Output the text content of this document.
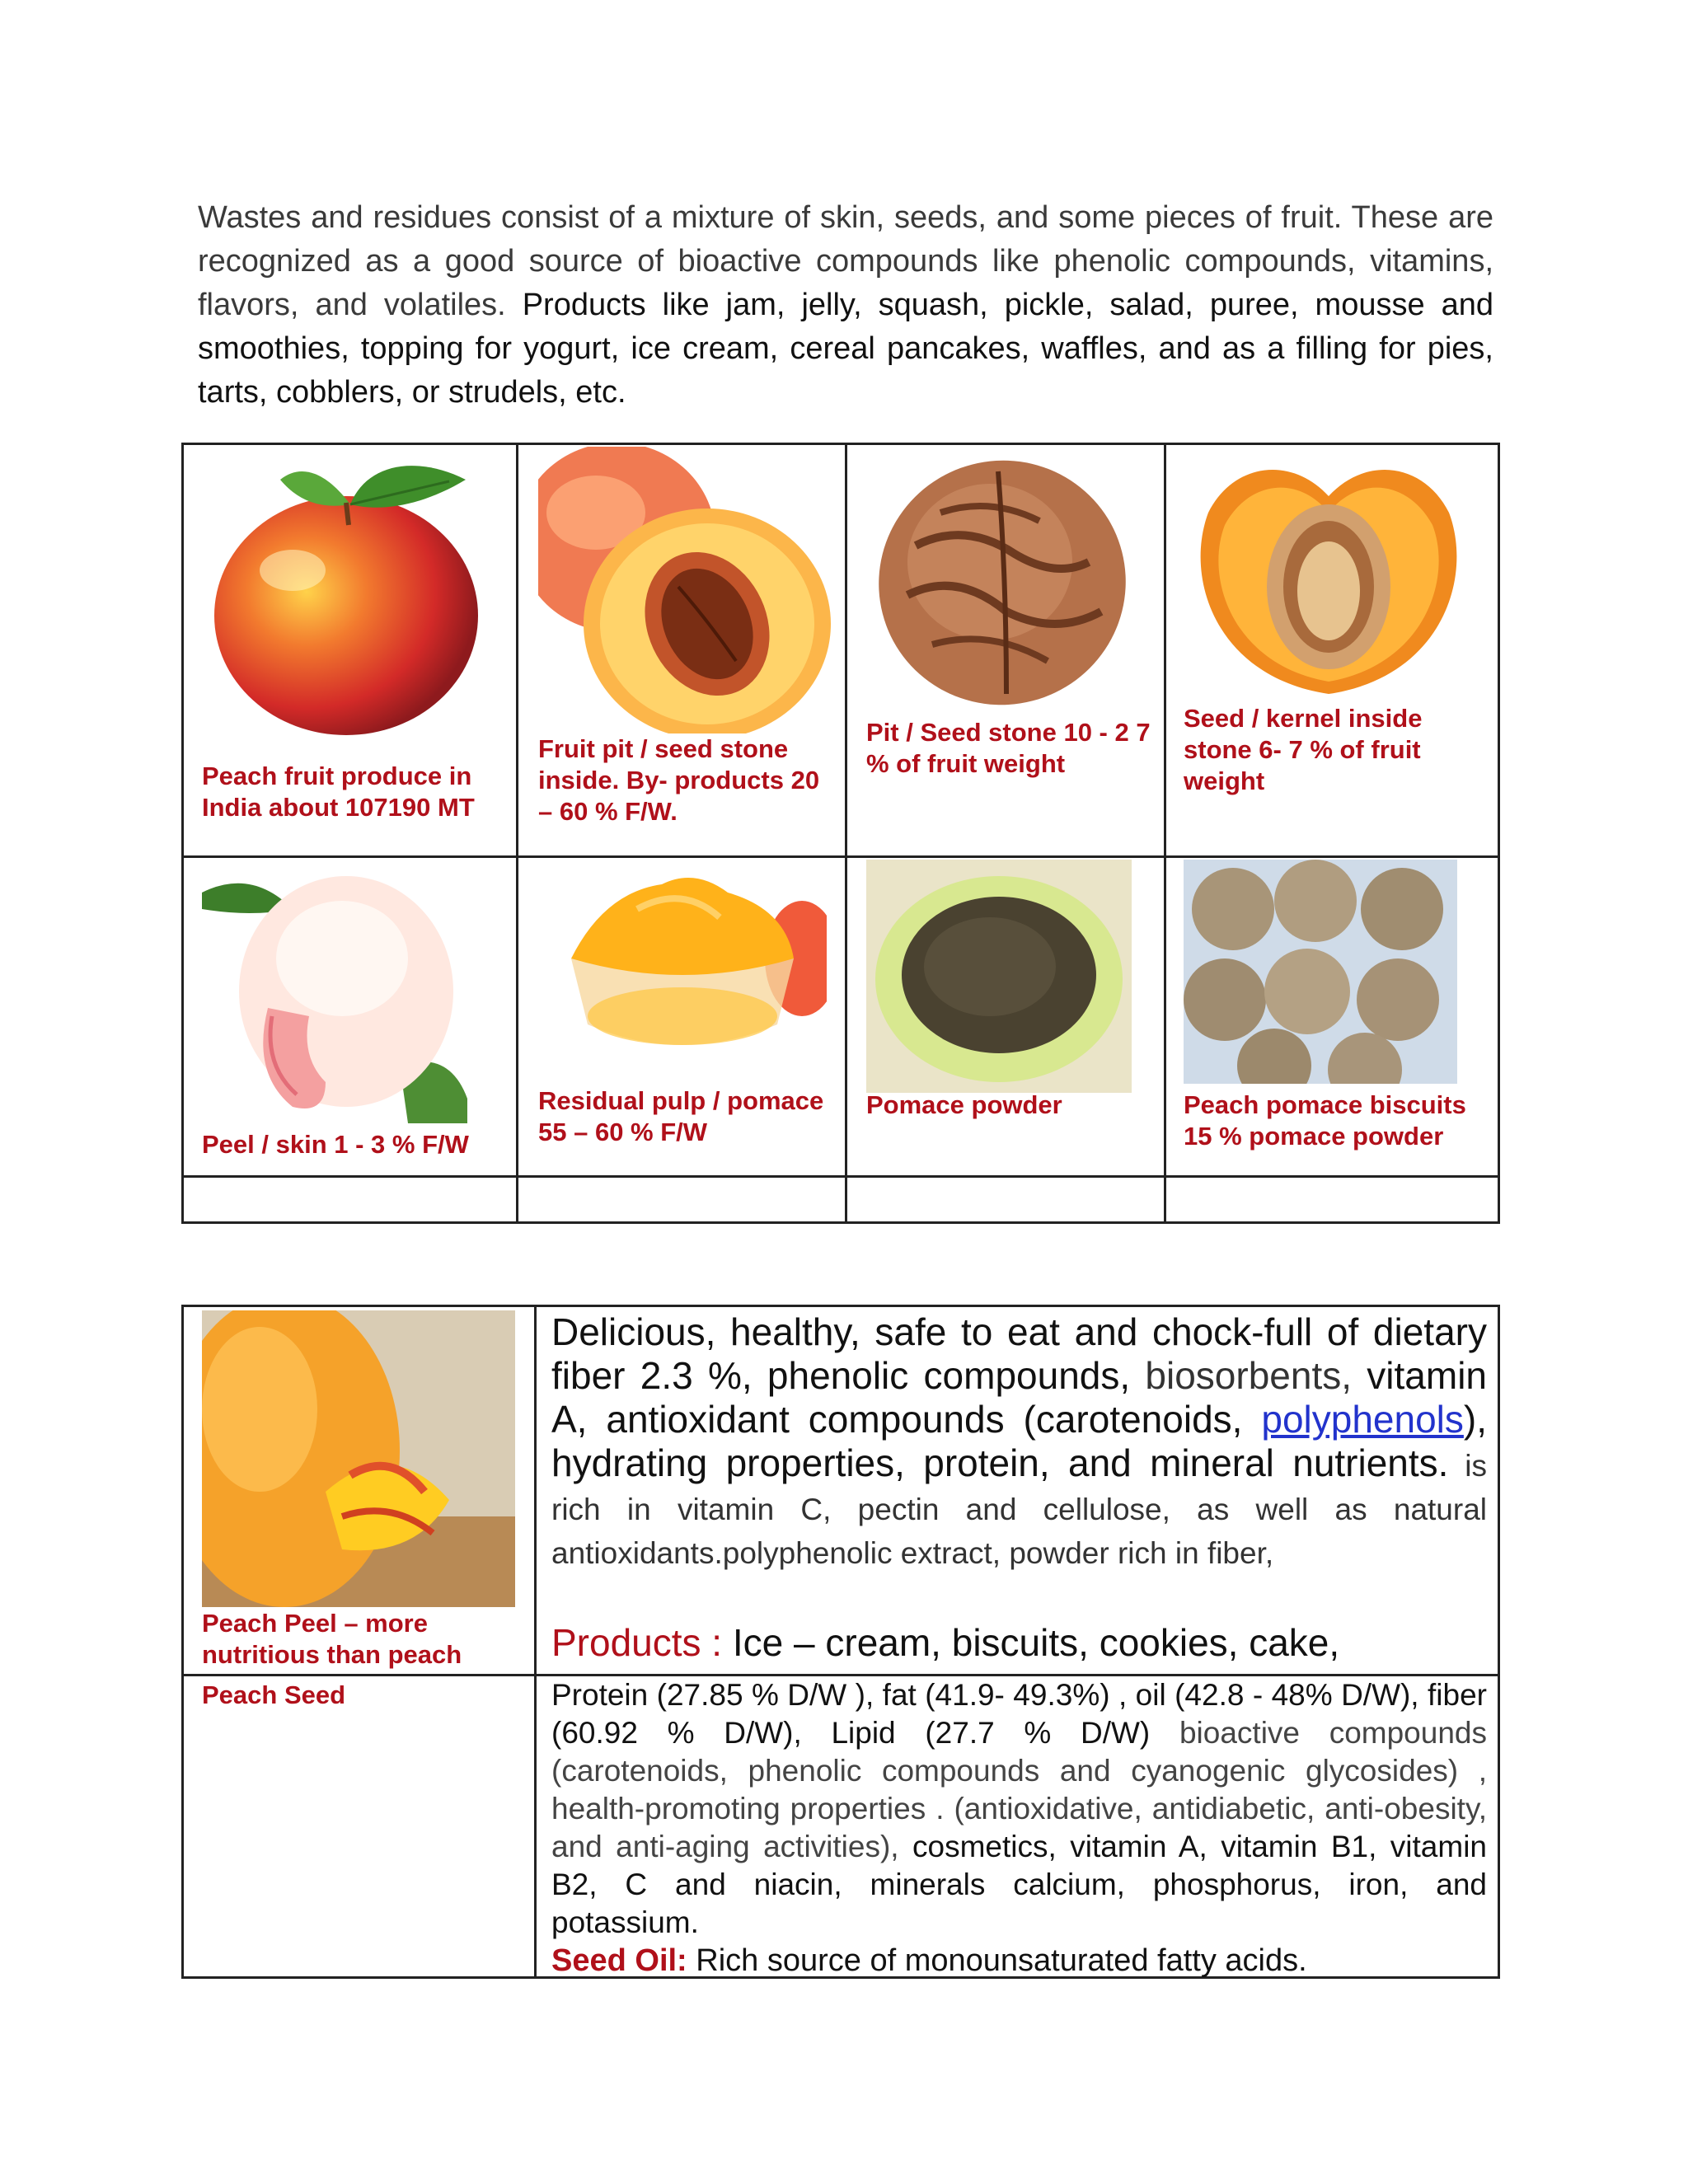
Wastes and residues consist of a mixture of skin, seeds, and some pieces of fruit. These are recognized as a good source of bioactive compounds like phenolic compounds, vitamins, flavors, and volatiles. Products like jam, jelly, squash, pickle, salad, puree, mousse and smoothies, topping for yogurt, ice cream, cereal pancakes, waffles, and as a filling for pies, tarts, cobblers, or strudels, etc.
Peach fruit produce in India about 107190 MT
Fruit pit / seed stone inside. By- products 20 – 60 % F/W.
Pit / Seed stone 10 - 2 7 % of fruit weight
Seed / kernel inside stone 6- 7 % of fruit weight
Peel / skin 1 - 3 % F/W
Residual pulp / pomace 55 – 60 % F/W
Pomace powder	Peach pomace biscuits 15 % pomace powder
Peach Peel – more nutritious than peach
Delicious, healthy, safe to eat and chock-full of dietary fiber 2.3 %, phenolic compounds, biosorbents, vitamin A, antioxidant compounds (carotenoids, polyphenols), hydrating properties, protein, and mineral nutrients. is rich in vitamin C, pectin and cellulose, as well as natural antioxidants.polyphenolic extract, powder rich in fiber,
Products : Ice – cream, biscuits, cookies, cake,
Peach Seed	Protein (27.85 % D/W ), fat (41.9- 49.3%) , oil (42.8 - 48% D/W), fiber (60.92 % D/W), Lipid (27.7 % D/W) bioactive compounds (carotenoids, phenolic compounds and cyanogenic glycosides) , health-promoting properties . (antioxidative, antidiabetic, anti-obesity, and anti-aging activities), cosmetics, vitamin A, vitamin B1, vitamin B2, C and niacin, minerals calcium, phosphorus, iron, and potassium.
Seed Oil: Rich source of monounsaturated fatty acids.
